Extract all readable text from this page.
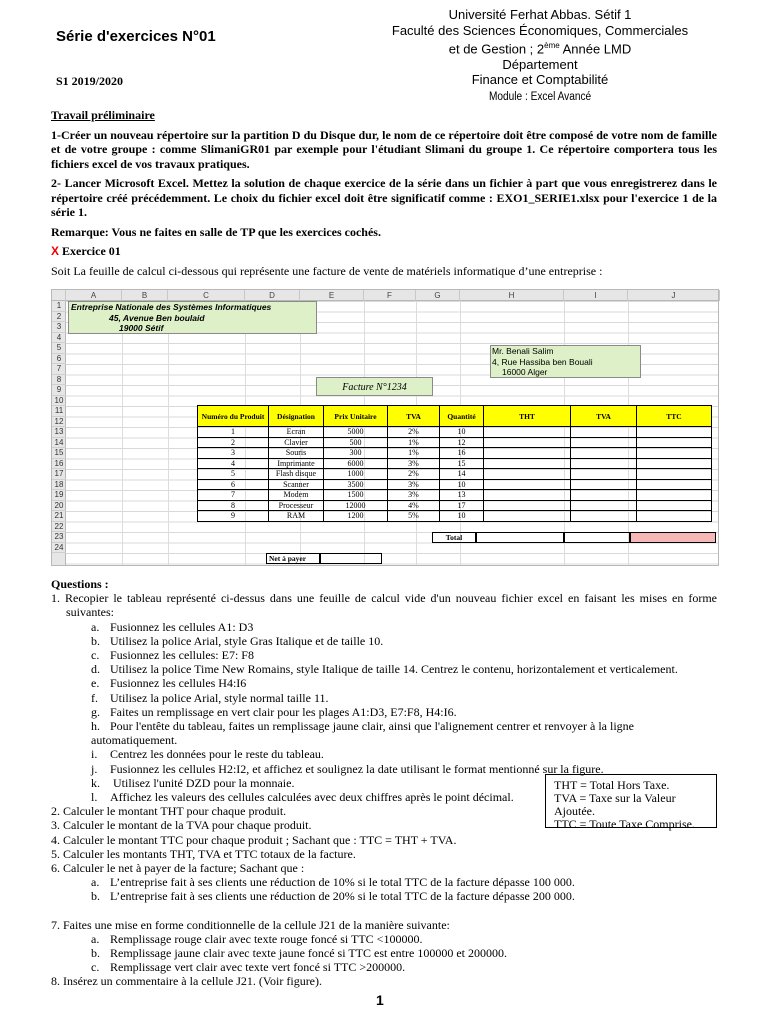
Série d'exercices N°01
S1 2019/2020
Université Ferhat Abbas. Sétif 1
Faculté des Sciences Économiques, Commerciales
et de Gestion ; 2ème Année LMD
Département
Finance et Comptabilité
Module : Excel Avancé

Travail préliminaire

1-Créer un nouveau répertoire sur la partition D du Disque dur, le nom de ce répertoire doit être composé de votre nom de famille et de votre groupe : comme SlimaniGR01 par exemple pour l'étudiant Slimani du groupe 1. Ce répertoire comportera tous les fichiers excel de vos travaux pratiques.

2- Lancer Microsoft Excel. Mettez la solution de chaque exercice de la série dans un fichier à part que vous enregistrerez dans le répertoire créé précédemment. Le choix du fichier excel doit être significatif comme : EXO1_SERIE1.xlsx pour l'exercice 1 de la série 1.

Remarque: Vous ne faites en salle de TP que les exercices cochés.

X Exercice 01

Soit La feuille de calcul ci-dessous qui représente une facture de vente de matériels informatique d’une entreprise :

A	B	C	D	E	F	G	H	I	J
1
2
3
4
5
6
7
8
9
10
11
12
13
14
15
16
17
18
19
20
21
22
23
24
Entreprise Nationale des Systèmes Informatiques
45, Avenue Ben boulaid
19000 Sétif
Mr. Benali Salim
4, Rue Hassiba ben Bouali
16000 Alger
Facture N°1234
Numéro du Produit	Désignation	Prix Unitaire	TVA	Quantité	THT	TVA	TTC
1	Ecran	5000	2%	10			
2	Clavier	500	1%	12			
3	Souris	300	1%	16			
4	Imprimante	6000	3%	15			
5	Flash disque	1000	2%	14			
6	Scanner	3500	3%	10			
7	Modem	1500	3%	13			
8	Processeur	12000	4%	17			
9	RAM	1200	5%	10			
Total
Net à payer
Questions :
1. Recopier le tableau représenté ci-dessus dans une feuille de calcul vide d'un nouveau fichier excel en faisant les mises en forme suivantes:
a. Fusionnez les cellules A1: D3
b. Utilisez la police Arial, style Gras Italique et de taille 10.
c. Fusionnez les cellules: E7: F8
d. Utilisez la police Time New Romains, style Italique de taille 14. Centrez le contenu, horizontalement et verticalement.
e. Fusionnez les cellules H4:I6
f. Utilisez la police Arial, style normal taille 11.
g. Faites un remplissage en vert clair pour les plages A1:D3, E7:F8, H4:I6.
h. Pour l'entête du tableau, faites un remplissage jaune clair, ainsi que l'alignement centrer et renvoyer à la ligne automatiquement.
i. Centrez les données pour le reste du tableau.
j. Fusionnez les cellules H2:I2, et affichez et soulignez la date utilisant le format mentionné sur la figure.
k. Utilisez l'unité DZD pour la monnaie.
l. Affichez les valeurs des cellules calculées avec deux chiffres après le point décimal.
2. Calculer le montant THT pour chaque produit.
3. Calculer le montant de la TVA pour chaque produit.
4. Calculer le montant TTC pour chaque produit ; Sachant que : TTC = THT + TVA.
5. Calculer les montants THT, TVA et TTC totaux de la facture.
6. Calculer le net à payer de la facture; Sachant que :
a. L’entreprise fait à ses clients une réduction de 10% si le total TTC de la facture dépasse 100 000.
b. L’entreprise fait à ses clients une réduction de 20% si le total TTC de la facture dépasse 200 000.
7. Faites une mise en forme conditionnelle de la cellule J21 de la manière suivante:
a. Remplissage rouge clair avec texte rouge foncé si TTC <100000.
b. Remplissage jaune clair avec texte jaune foncé si TTC est entre 100000 et 200000.
c. Remplissage vert clair avec texte vert foncé si TTC >200000.
8. Insérez un commentaire à la cellule J21. (Voir figure).
THT = Total Hors Taxe.
TVA = Taxe sur la Valeur Ajoutée.
TTC = Toute Taxe Comprise.
1
